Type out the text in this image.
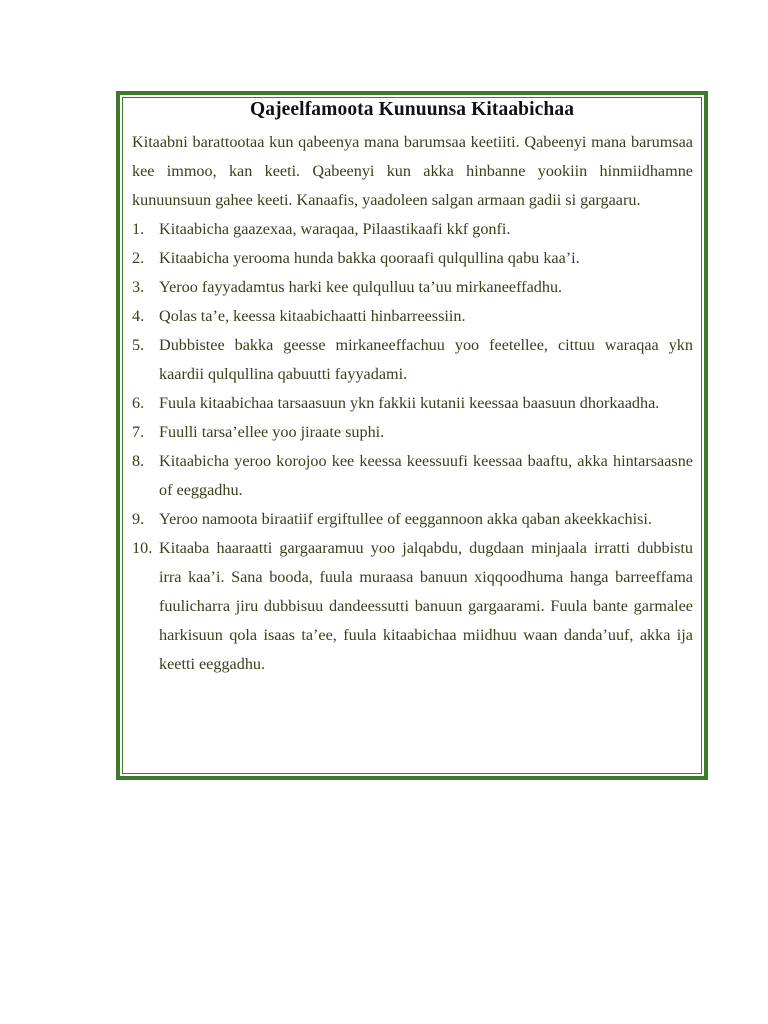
Qajeelfamoota Kunuunsa Kitaabichaa
Kitaabni barattootaa kun qabeenya mana barumsaa keetiiti. Qabeenyi mana barumsaa kee immoo, kan keeti. Qabeenyi kun akka hinbanne yookiin hinmiidhamne kunuunsuun gahee keeti. Kanaafis, yaadoleen salgan armaan gadii si gargaaru.
1. Kitaabicha gaazexaa, waraqaa, Pilaastikaafi kkf gonfi.
2. Kitaabicha yerooma hunda bakka qooraafi qulqullina qabu kaa’i.
3. Yeroo fayyadamtus harki kee qulqulluu ta’uu mirkaneeffadhu.
4. Qolas ta’e, keessa kitaabichaatti hinbarreessiin.
5. Dubbistee bakka geesse mirkaneeffachuu yoo feetellee, cittuu waraqaa ykn kaardii qulqullina qabuutti fayyadami.
6. Fuula kitaabichaa tarsaasuun ykn fakkii kutanii keessaa baasuun dhorkaadha.
7. Fuulli tarsa’ellee yoo jiraate suphi.
8. Kitaabicha yeroo korojoo kee keessa keessuufi keessaa baaftu, akka hintarsaasne of eeggadhu.
9. Yeroo namoota biraatiif ergiftullee of eeggannoon akka qaban akeekkachisi.
10. Kitaaba haaraatti gargaaramuu yoo jalqabdu, dugdaan minjaala irratti dubbistu irra kaa’i. Sana booda, fuula muraasa banuun xiqqoodhuma hanga barreeffama fuulicharra jiru dubbisuu dandeessutti banuun gargaarami. Fuula bante garmalee harkisuun qola isaas ta’ee, fuula kitaabichaa miidhuu waan danda’uuf, akka ija keetti eeggadhu.
